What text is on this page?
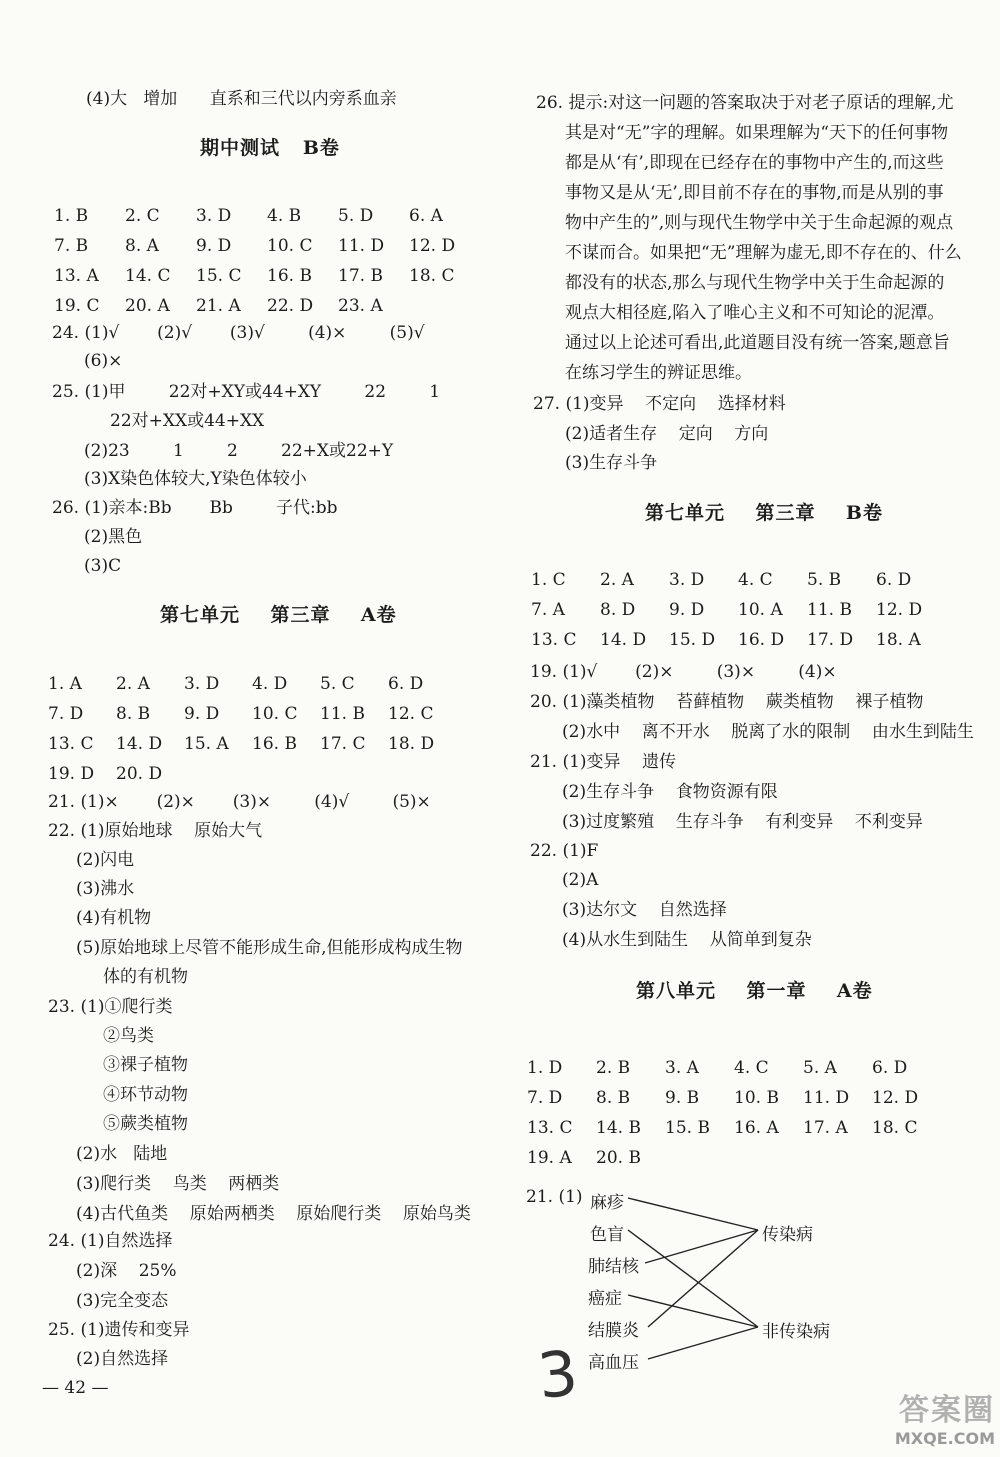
(4)大   增加      直系和三代以内旁系血亲
期中测试   B卷
1. B 2. C 3. D 4. B 5. D 6. A
7. B 8. A 9. D 10. C 11. D 12. D
13. A 14. C 15. C 16. B 17. B 18. C
19. C 20. A 21. A 22. D 23. A
24. (1)√       (2)√       (3)√        (4)×        (5)√
(6)×
25. (1)甲        22对+XY或44+XY        22        1
22对+XX或44+XX
(2)23        1        2        22+X或22+Y
(3)X染色体较大,Y染色体较小
26. (1)亲本:Bb       Bb        子代:bb
(2)黑色
(3)C
第七单元    第三章    A卷
1. A 2. A 3. D 4. D 5. C 6. D
7. D 8. B 9. D 10. C 11. B 12. C
13. C 14. D 15. A 16. B 17. C 18. D
19. D 20. D
21. (1)×       (2)×       (3)×        (4)√        (5)×
22. (1)原始地球    原始大气
(2)闪电
(3)沸水
(4)有机物
(5)原始地球上尽管不能形成生命,但能形成构成生物
体的有机物
23. (1)①爬行类
②鸟类
③裸子植物
④环节动物
⑤蕨类植物
(2)水   陆地
(3)爬行类    鸟类    两栖类
(4)古代鱼类    原始两栖类    原始爬行类    原始鸟类
24. (1)自然选择
(2)深    25%
(3)完全变态
25. (1)遗传和变异
(2)自然选择
— 42 —
26. 提示:对这一问题的答案取决于对老子原话的理解,尤
其是对“无”字的理解。如果理解为“天下的任何事物
都是从‘有’,即现在已经存在的事物中产生的,而这些
事物又是从‘无’,即目前不存在的事物,而是从别的事
物中产生的”,则与现代生物学中关于生命起源的观点
不谋而合。如果把“无”理解为虚无,即不存在的、什么
都没有的状态,那么与现代生物学中关于生命起源的
观点大相径庭,陷入了唯心主义和不可知论的泥潭。
通过以上论述可看出,此道题目没有统一答案,题意旨
在练习学生的辨证思维。
27. (1)变异    不定向    选择材料
(2)适者生存    定向    方向
(3)生存斗争
第七单元    第三章    B卷
1. C 2. A 3. D 4. C 5. B 6. D
7. A 8. D 9. D 10. A 11. B 12. D
13. C 14. D 15. D 16. D 17. D 18. A
19. (1)√       (2)×        (3)×        (4)×
20. (1)藻类植物    苔藓植物    蕨类植物    裸子植物
(2)水中    离不开水    脱离了水的限制    由水生到陆生
21. (1)变异    遗传
(2)生存斗争    食物资源有限
(3)过度繁殖    生存斗争    有利变异    不利变异
22. (1)F
(2)A
(3)达尔文    自然选择
(4)从水生到陆生    从简单到复杂
第八单元    第一章    A卷
1. D 2. B 3. A 4. C 5. A 6. D
7. D 8. B 9. B 10. B 11. D 12. D
13. C 14. B 15. B 16. A 17. A 18. C
19. A 20. B
21. (1) 麻疹
色盲
肺结核
癌症
结膜炎
高血压
传染病
非传染病
3	答案圈
MXQE.COM
